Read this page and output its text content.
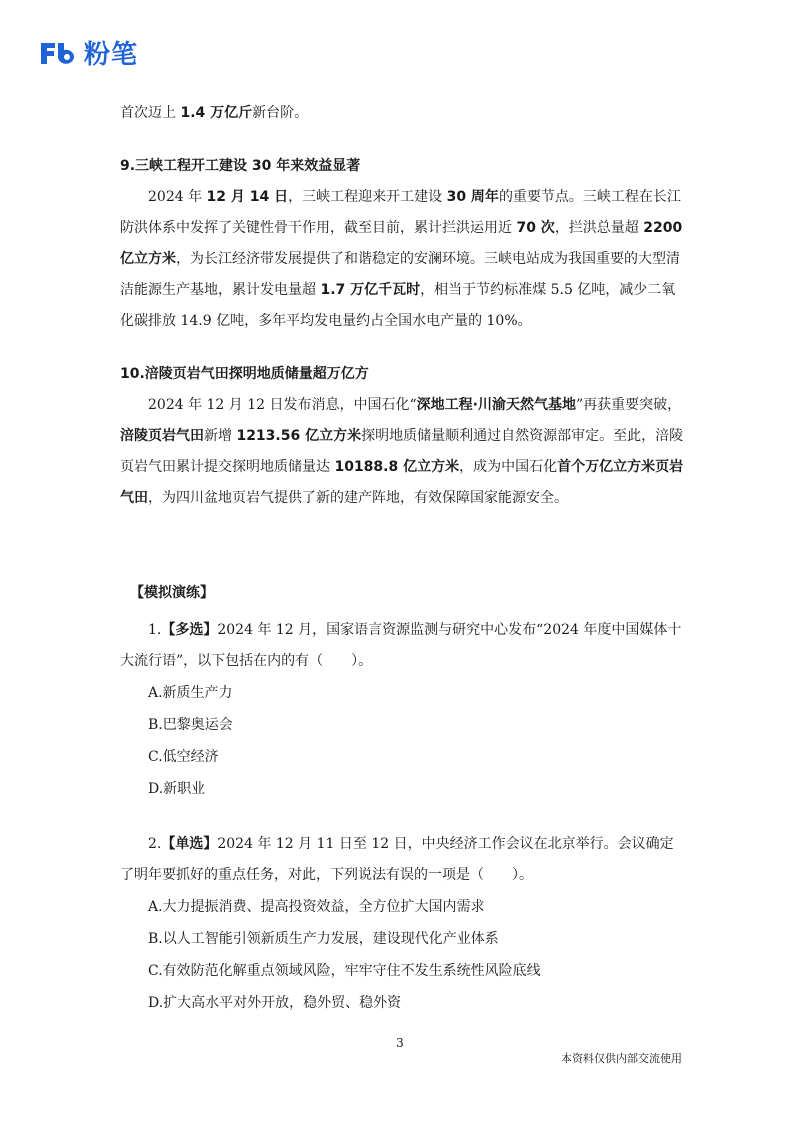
粉笔

首次迈上 1.4 万亿斤新台阶。

9.三峡工程开工建设 30 年来效益显著

2024 年 12 月 14 日，三峡工程迎来开工建设 30 周年的重要节点。三峡工程在长江防洪体系中发挥了关键性骨干作用，截至目前，累计拦洪运用近 70 次，拦洪总量超 2200 亿立方米，为长江经济带发展提供了和谐稳定的安澜环境。三峡电站成为我国重要的大型清洁能源生产基地，累计发电量超 1.7 万亿千瓦时，相当于节约标准煤 5.5 亿吨，减少二氧化碳排放 14.9 亿吨，多年平均发电量约占全国水电产量的 10%。

10.涪陵页岩气田探明地质储量超万亿方

2024 年 12 月 12 日发布消息，中国石化“深地工程·川渝天然气基地”再获重要突破，涪陵页岩气田新增 1213.56 亿立方米探明地质储量顺利通过自然资源部审定。至此，涪陵页岩气田累计提交探明地质储量达 10188.8 亿立方米，成为中国石化首个万亿立方米页岩气田，为四川盆地页岩气提供了新的建产阵地，有效保障国家能源安全。

【模拟演练】

1.【多选】2024 年 12 月，国家语言资源监测与研究中心发布“2024 年度中国媒体十大流行语”，以下包括在内的有（　　）。

A.新质生产力

B.巴黎奥运会

C.低空经济

D.新职业

2.【单选】2024 年 12 月 11 日至 12 日，中央经济工作会议在北京举行。会议确定了明年要抓好的重点任务，对此，下列说法有误的一项是（　　）。

A.大力提振消费、提高投资效益，全方位扩大国内需求

B.以人工智能引领新质生产力发展，建设现代化产业体系

C.有效防范化解重点领域风险，牢牢守住不发生系统性风险底线

D.扩大高水平对外开放，稳外贸、稳外资

3
本资料仅供内部交流使用
